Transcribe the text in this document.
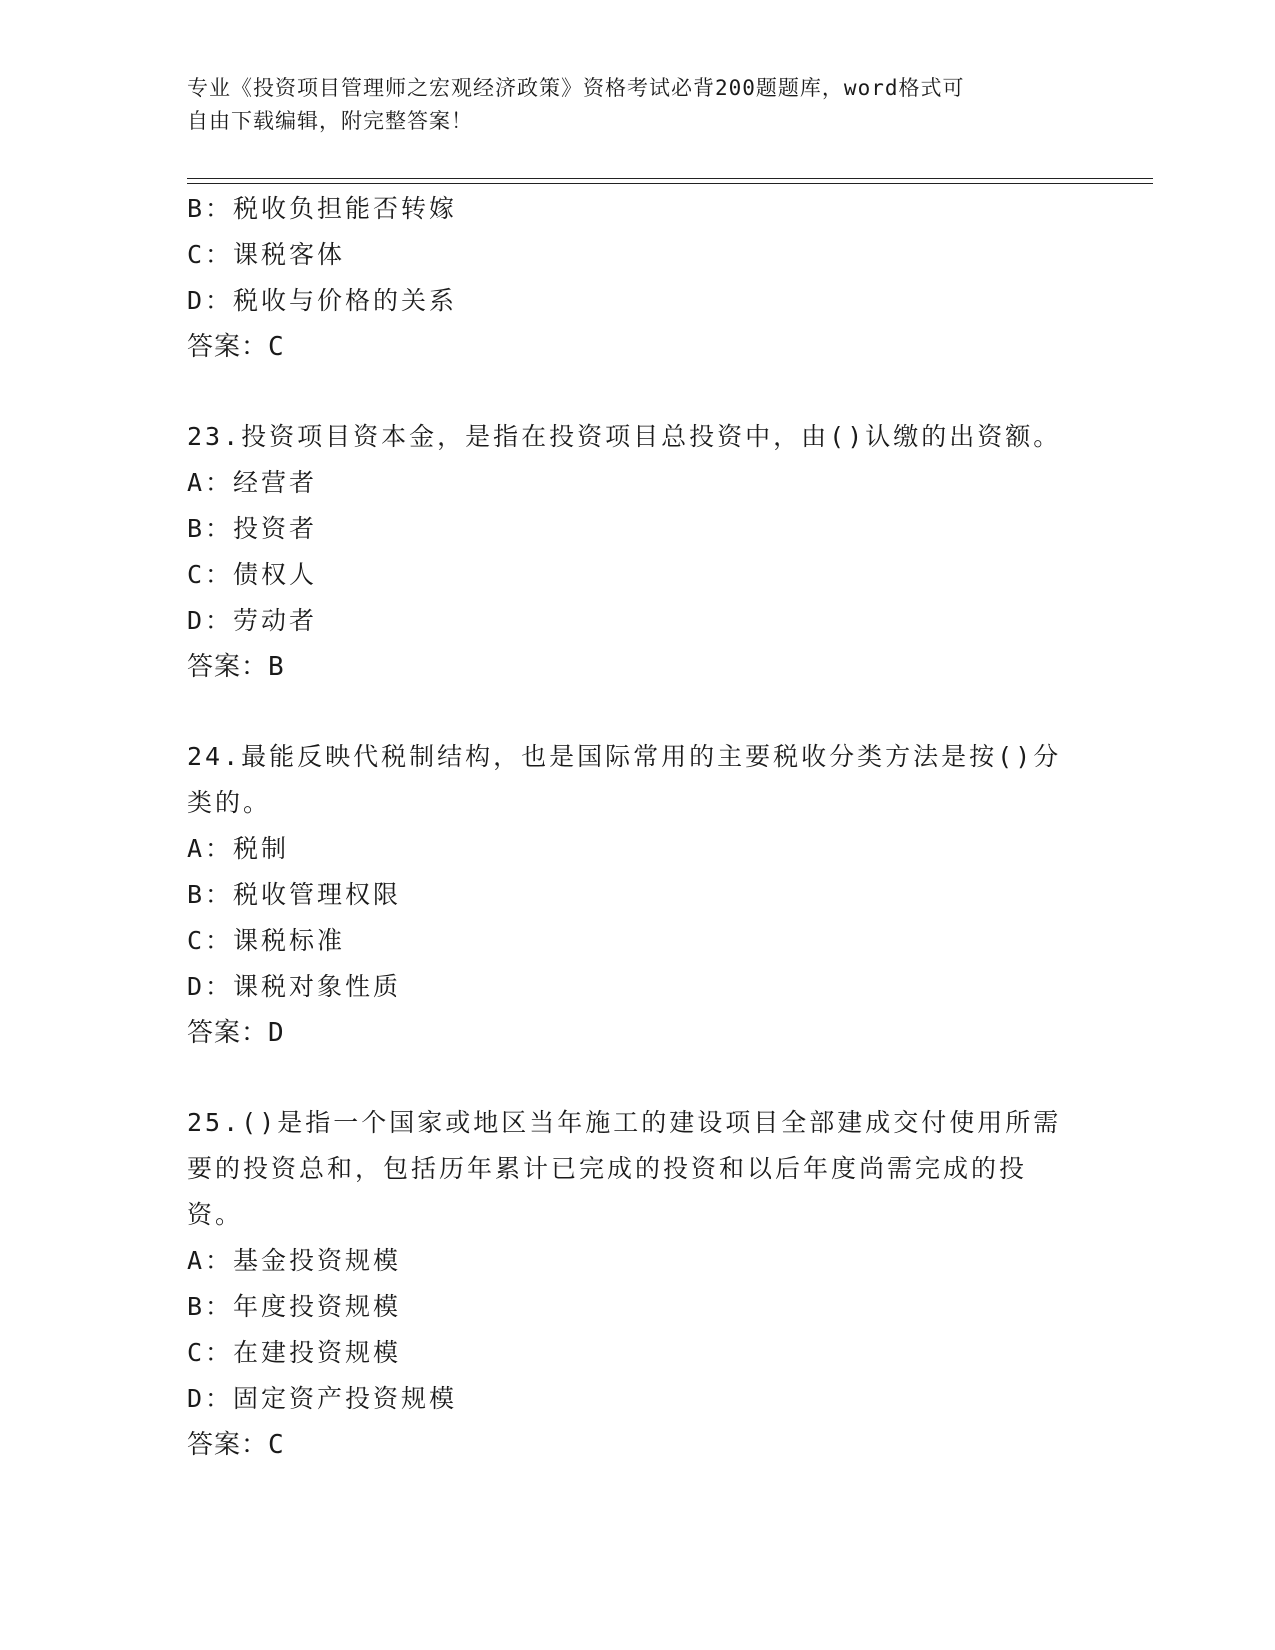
专业《投资项目管理师之宏观经济政策》资格考试必背200题题库，word格式可
自由下载编辑，附完整答案！
B：税收负担能否转嫁
C：课税客体
D：税收与价格的关系
答案：C
23.投资项目资本金，是指在投资项目总投资中，由()认缴的出资额。
A：经营者
B：投资者
C：债权人
D：劳动者
答案：B
24.最能反映代税制结构，也是国际常用的主要税收分类方法是按()分
类的。
A：税制
B：税收管理权限
C：课税标准
D：课税对象性质
答案：D
25.()是指一个国家或地区当年施工的建设项目全部建成交付使用所需
要的投资总和，包括历年累计已完成的投资和以后年度尚需完成的投
资。
A：基金投资规模
B：年度投资规模
C：在建投资规模
D：固定资产投资规模
答案：C
